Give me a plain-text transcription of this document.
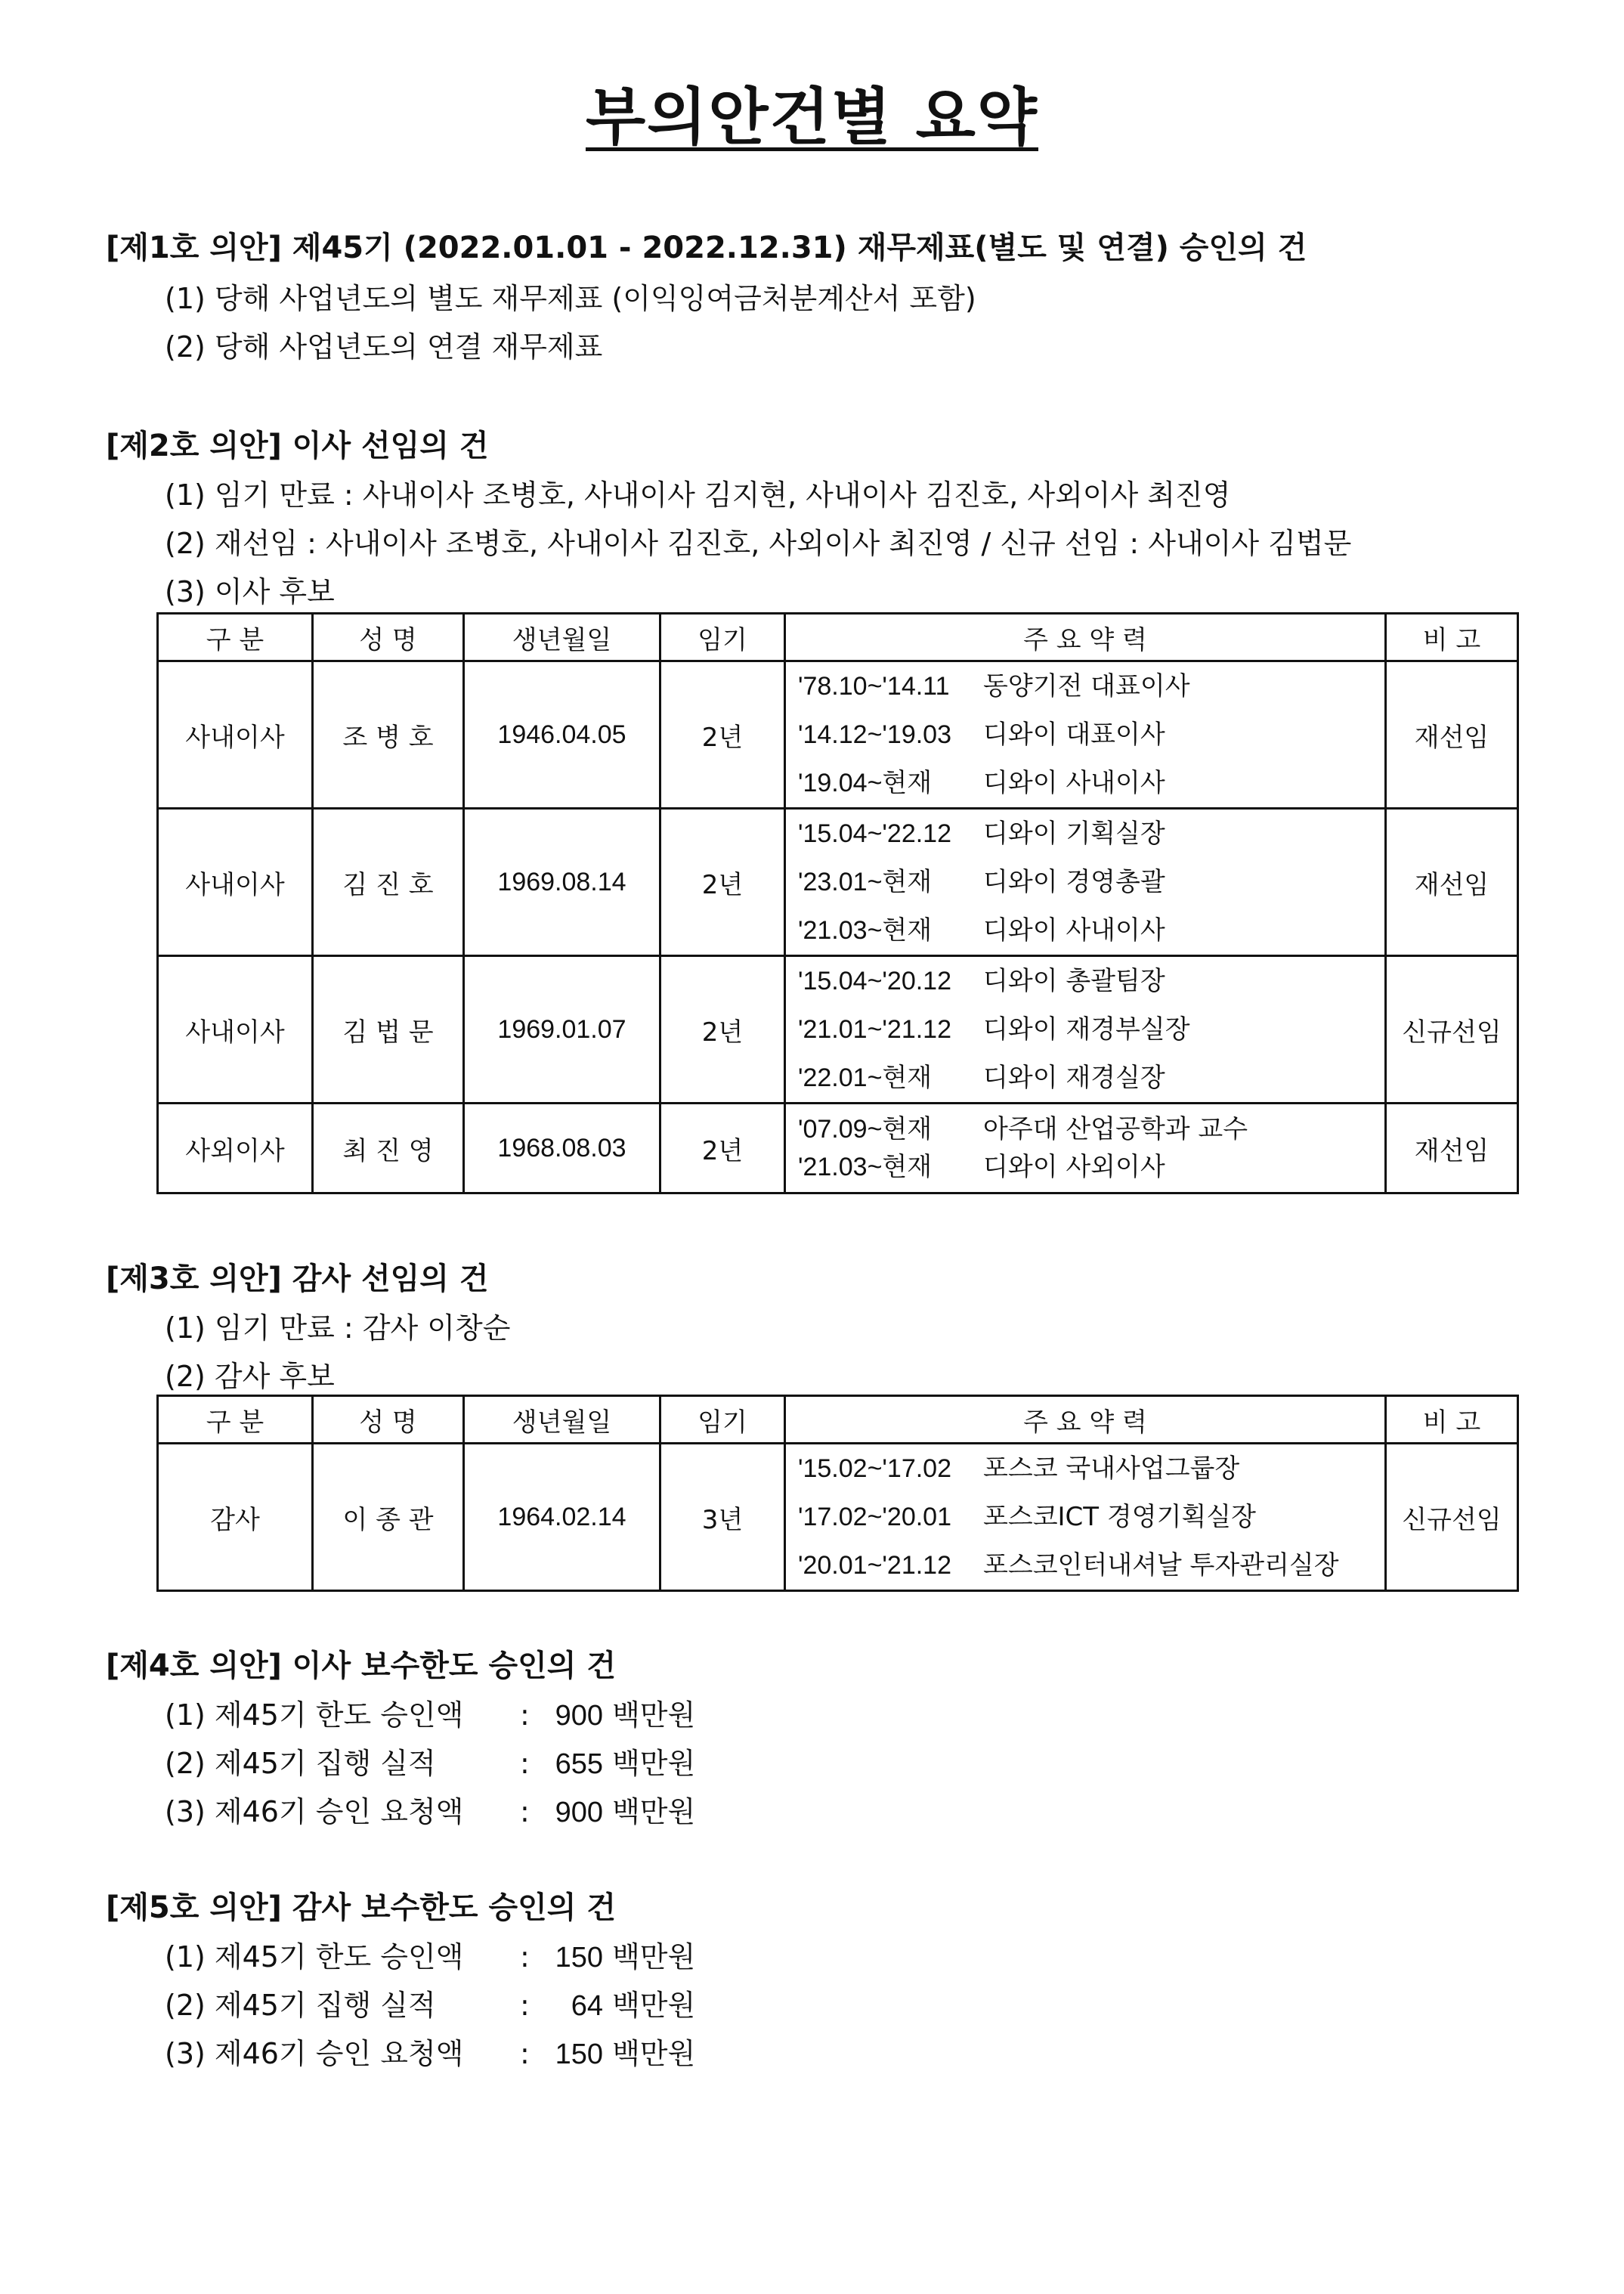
부의안건별 요약
[제1호 의안] 제45기 (2022.01.01 - 2022.12.31) 재무제표(별도 및 연결) 승인의 건
(1) 당해 사업년도의 별도 재무제표 (이익잉여금처분계산서 포함)
(2) 당해 사업년도의 연결 재무제표
[제2호 의안] 이사 선임의 건
(1) 임기 만료 : 사내이사 조병호, 사내이사 김지현, 사내이사 김진호, 사외이사 최진영
(2) 재선임 : 사내이사 조병호, 사내이사 김진호, 사외이사 최진영 / 신규 선임 : 사내이사 김법문
(3) 이사 후보
구 분	성 명	생년월일	임기	주 요 약 력	비 고
사내이사	조 병 호	1946.04.05	2년	'78.10~'14.11 동양기전 대표이사
'14.12~'19.03 디와이 대표이사
'19.04~현재 디와이 사내이사	재선임
사내이사	김 진 호	1969.08.14	2년	'15.04~'22.12 디와이 기획실장
'23.01~현재 디와이 경영총괄
'21.03~현재 디와이 사내이사	재선임
사내이사	김 법 문	1969.01.07	2년	'15.04~'20.12 디와이 총괄팀장
'21.01~'21.12 디와이 재경부실장
'22.01~현재 디와이 재경실장	신규선임
사외이사	최 진 영	1968.08.03	2년	'07.09~현재 아주대 산업공학과 교수
'21.03~현재 디와이 사외이사	재선임
[제3호 의안] 감사 선임의 건
(1) 임기 만료 : 감사 이창순
(2) 감사 후보
구 분	성 명	생년월일	임기	주 요 약 력	비 고
감사	이 종 관	1964.02.14	3년	'15.02~'17.02 포스코 국내사업그룹장
'17.02~'20.01 포스코ICT 경영기획실장
'20.01~'21.12 포스코인터내셔날 투자관리실장	신규선임
[제4호 의안] 이사 보수한도 승인의 건
(1) 제45기 한도 승인액 : 900 백만원
(2) 제45기 집행 실적	: 655 백만원
(3) 제46기 승인 요청액 : 900 백만원
[제5호 의안] 감사 보수한도 승인의 건
(1) 제45기 한도 승인액 : 150 백만원
(2) 제45기 집행 실적	: 64 백만원
(3) 제46기 승인 요청액 : 150 백만원
